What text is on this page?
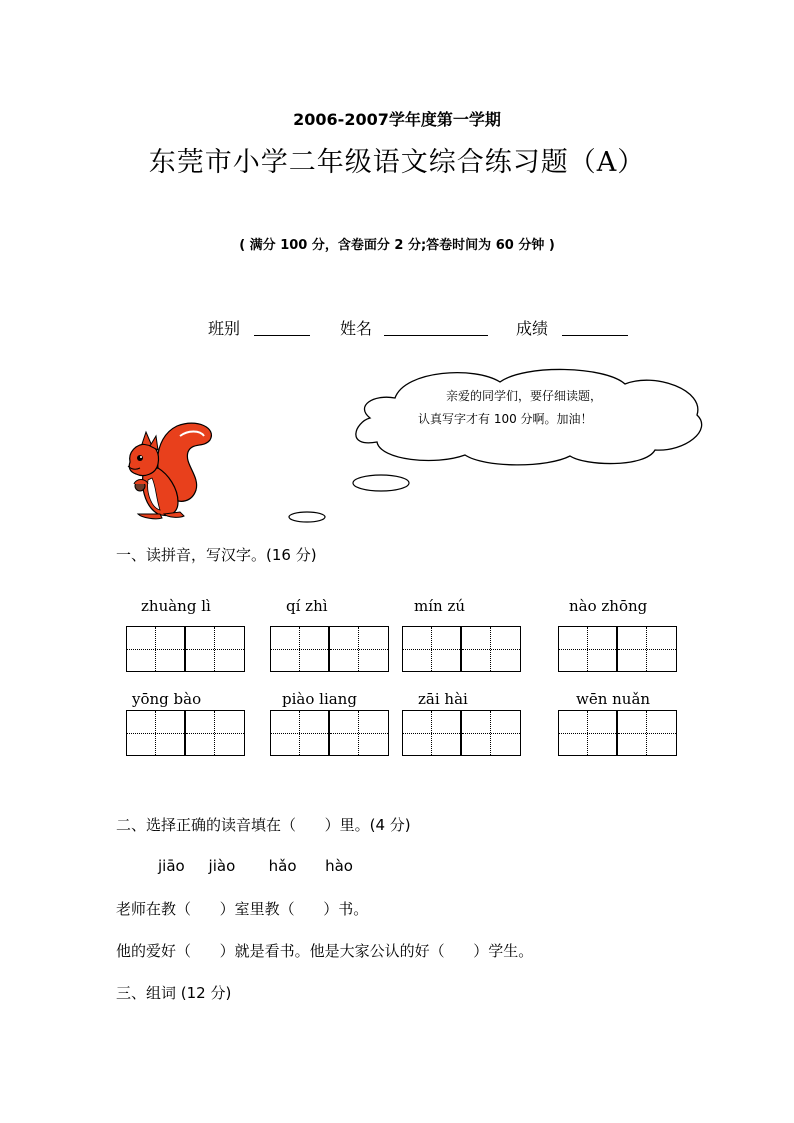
2006-2007学年度第一学期
东莞市小学二年级语文综合练习题（A）
( 满分 100 分，含卷面分 2 分;答卷时间为 60 分钟 )
班别	姓名	成绩
亲爱的同学们，要仔细读题，
认真写字才有 100 分啊。加油！
一、读拼音，写汉字。(16 分)
zhuàng lì	qí zhì	mín zú	nào zhōng
yōng bào	piào liang	zāi hài	wēn nuǎn
二、选择正确的读音填在（      ）里。(4 分)
jiāo     jiào       hǎo      hào
老师在教（      ）室里教（      ）书。
他的爱好（      ）就是看书。他是大家公认的好（      ）学生。
三、组词 (12 分)
